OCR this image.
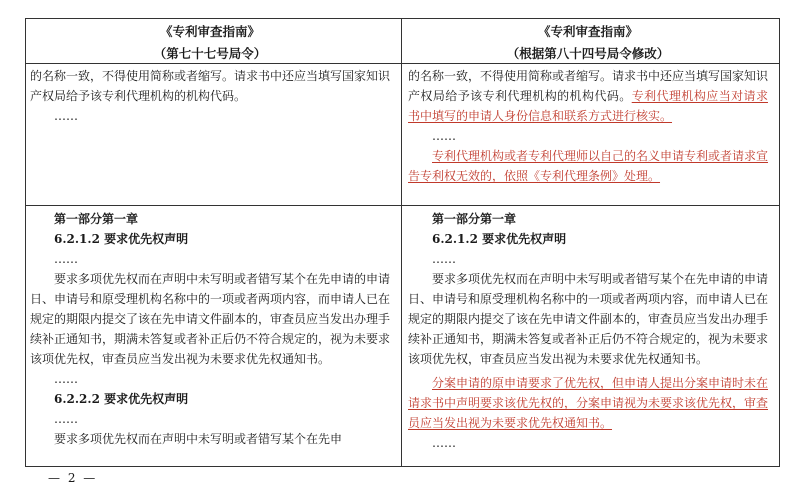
《专利审查指南》
（第七十七号局令）
《专利审查指南》
（根据第八十四号局令修改）

的名称一致，不得使用简称或者缩写。请求书中还应当填写国家知识产权局给予该专利代理机构的机构代码。

……

的名称一致，不得使用简称或者缩写。请求书中还应当填写国家知识产权局给予该专利代理机构的机构代码。专利代理机构应当对请求书中填写的申请人身份信息和联系方式进行核实。

……

专利代理机构或者专利代理师以自己的名义申请专利或者请求宣告专利权无效的，依照《专利代理条例》处理。

第一部分第一章

6.2.1.2 要求优先权声明

……

要求多项优先权而在声明中未写明或者错写某个在先申请的申请日、申请号和原受理机构名称中的一项或者两项内容，而申请人已在规定的期限内提交了该在先申请文件副本的，审查员应当发出办理手续补正通知书，期满未答复或者补正后仍不符合规定的，视为未要求该项优先权，审查员应当发出视为未要求优先权通知书。

……

6.2.2.2 要求优先权声明

……

要求多项优先权而在声明中未写明或者错写某个在先申

第一部分第一章

6.2.1.2 要求优先权声明

……

要求多项优先权而在声明中未写明或者错写某个在先申请的申请日、申请号和原受理机构名称中的一项或者两项内容，而申请人已在规定的期限内提交了该在先申请文件副本的，审查员应当发出办理手续补正通知书，期满未答复或者补正后仍不符合规定的，视为未要求该项优先权，审查员应当发出视为未要求优先权通知书。

分案申请的原申请要求了优先权，但申请人提出分案申请时未在请求书中声明要求该优先权的，分案申请视为未要求该优先权，审查员应当发出视为未要求优先权通知书。

……

— 2 —
